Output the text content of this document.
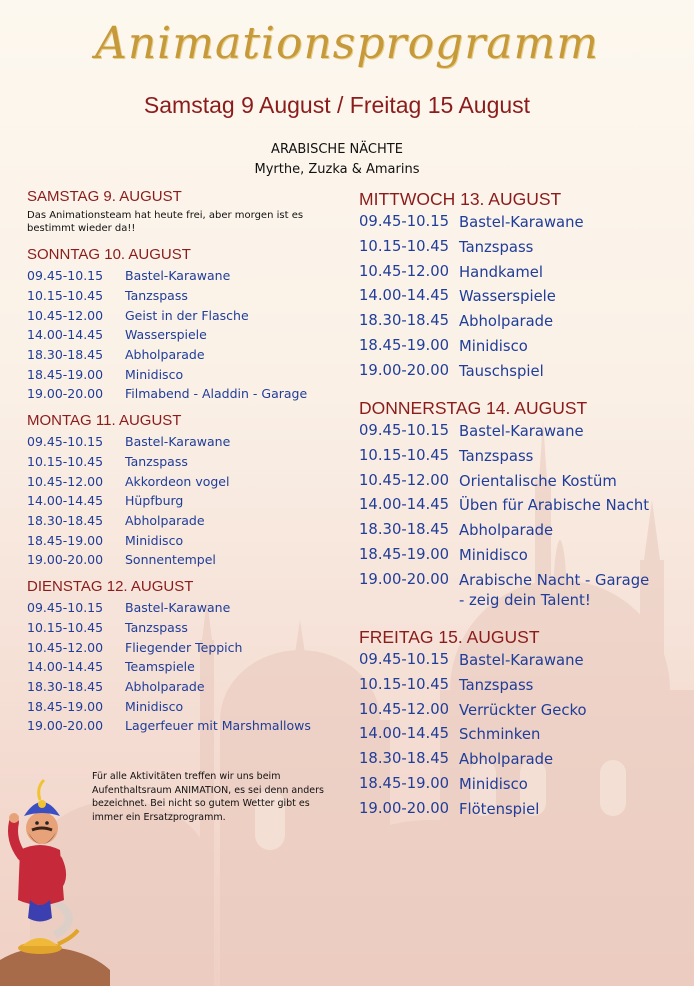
Animationsprogramm
Samstag 9 August / Freitag 15 August
ARABISCHE NÄCHTE
Myrthe, Zuzka & Amarins
SAMSTAG 9. AUGUST
Das Animationsteam hat heute frei, aber morgen ist es bestimmt wieder da!!
SONNTAG 10. AUGUST
09.45-10.15	Bastel-Karawane
10.15-10.45	Tanzspass
10.45-12.00	Geist in der Flasche
14.00-14.45	Wasserspiele
18.30-18.45	Abholparade
18.45-19.00	Minidisco
19.00-20.00	Filmabend - Aladdin - Garage
MONTAG 11. AUGUST
09.45-10.15	Bastel-Karawane
10.15-10.45	Tanzspass
10.45-12.00	Akkordeon vogel
14.00-14.45	Hüpfburg
18.30-18.45	Abholparade
18.45-19.00	Minidisco
19.00-20.00	Sonnentempel
DIENSTAG 12. AUGUST
09.45-10.15	Bastel-Karawane
10.15-10.45	Tanzspass
10.45-12.00	Fliegender Teppich
14.00-14.45	Teamspiele
18.30-18.45	Abholparade
18.45-19.00	Minidisco
19.00-20.00	Lagerfeuer mit Marshmallows
MITTWOCH 13. AUGUST
09.45-10.15 Bastel-Karawane
10.15-10.45 Tanzspass
10.45-12.00 Handkamel
14.00-14.45 Wasserspiele
18.30-18.45 Abholparade
18.45-19.00 Minidisco
19.00-20.00 Tauschspiel
DONNERSTAG 14. AUGUST
09.45-10.15 Bastel-Karawane
10.15-10.45 Tanzspass
10.45-12.00 Orientalische Kostüm
14.00-14.45 Üben für Arabische Nacht
18.30-18.45 Abholparade
18.45-19.00 Minidisco
19.00-20.00 Arabische Nacht - Garage
- zeig dein Talent!
FREITAG 15. AUGUST
09.45-10.15 Bastel-Karawane
10.15-10.45 Tanzspass
10.45-12.00 Verrückter Gecko
14.00-14.45 Schminken
18.30-18.45 Abholparade
18.45-19.00 Minidisco
19.00-20.00 Flötenspiel
Für alle Aktivitäten treffen wir uns beim Aufenthaltsraum ANIMATION, es sei denn anders bezeichnet. Bei nicht so gutem Wetter gibt es immer ein Ersatzprogramm.
